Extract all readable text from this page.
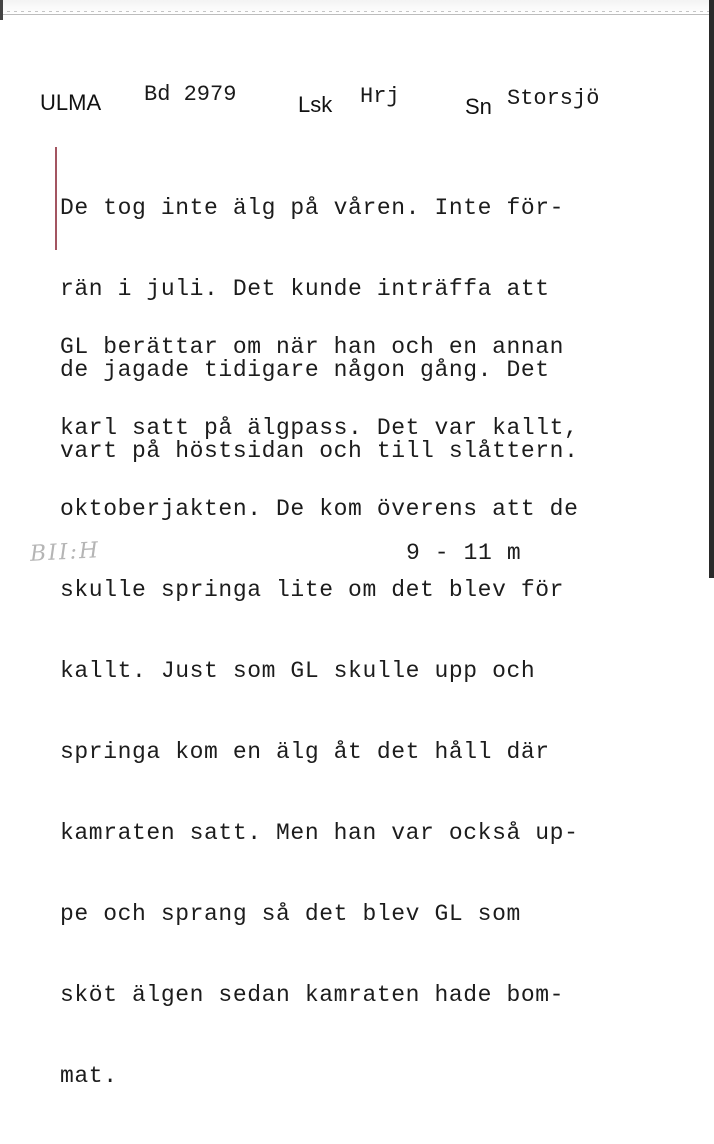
ULMA Bd 2979	Lsk Hrj	Sn Storsjö

De tog inte älg på våren. Inte för-

rän i juli. Det kunde inträffa att

de jagade tidigare någon gång. Det

vart på höstsidan och till slåttern.

GL berättar om när han och en annan

karl satt på älgpass. Det var kallt,

oktoberjakten. De kom överens att de

skulle springa lite om det blev för

kallt. Just som GL skulle upp och

springa kom en älg åt det håll där

kamraten satt. Men han var också up-

pe och sprang så det blev GL som

sköt älgen sedan kamraten hade bom-

mat.

BII:H	9 - 11 m
